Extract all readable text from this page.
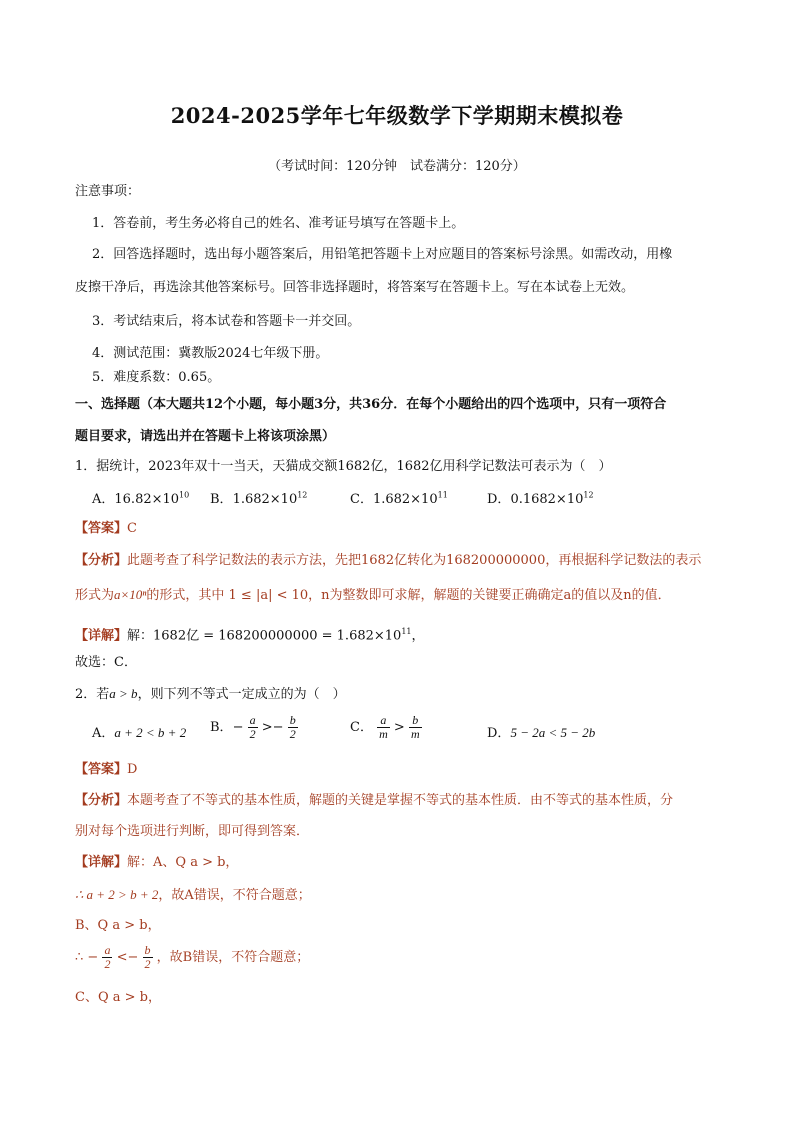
2024-2025学年七年级数学下学期期末模拟卷
（考试时间：120分钟　试卷满分：120分）
注意事项：
1．答卷前，考生务必将自己的姓名、准考证号填写在答题卡上。
2．回答选择题时，选出每小题答案后，用铅笔把答题卡上对应题目的答案标号涂黑。如需改动，用橡
皮擦干净后，再选涂其他答案标号。回答非选择题时，将答案写在答题卡上。写在本试卷上无效。
3．考试结束后，将本试卷和答题卡一并交回。
4．测试范围：冀教版2024七年级下册。
5．难度系数：0.65。
一、选择题（本大题共12个小题，每小题3分，共36分．在每个小题给出的四个选项中，只有一项符合
题目要求，请选出并在答题卡上将该项涂黑）
1．据统计，2023年双十一当天，天猫成交额1682亿，1682亿用科学记数法可表示为（　）
A．$16.82\times 10^{10}$ B．$1.682\times 10^{12}$	C．$1.682\times 10^{11}$	D．$0.1682\times 10^{12}$
【答案】C
【分析】此题考查了科学记数法的表示方法，先把1682亿转化为168200000000，再根据科学记数法的表示
形式为a×10ⁿ的形式，其中 1 ≤ |a| < 10，n为整数即可求解，解题的关键要正确确定a的值以及n的值．
【详解】解：1682亿 = $168200000000 = 1.682\times 10^{11}$，
故选：C．
2．若a > b，则下列不等式一定成立的为（　）
A．a + 2 < b + 2 B．− $\frac{a}{2} >- \frac{b}{2}$	C． $\frac{a}{m} > \frac{b}{m}$	D．5 − 2a < 5 − 2b
【答案】D
【分析】本题考查了不等式的基本性质，解题的关键是掌握不等式的基本性质．由不等式的基本性质，分
别对每个选项进行判断，即可得到答案．
【详解】解：A、Q a > b，
∴ a + 2 > b + 2，故A错误，不符合题意；
B、Q a > b，
∴ − $\frac{a}{2} <- \frac{b}{2}$ ，故B错误，不符合题意；
C、Q a > b，
